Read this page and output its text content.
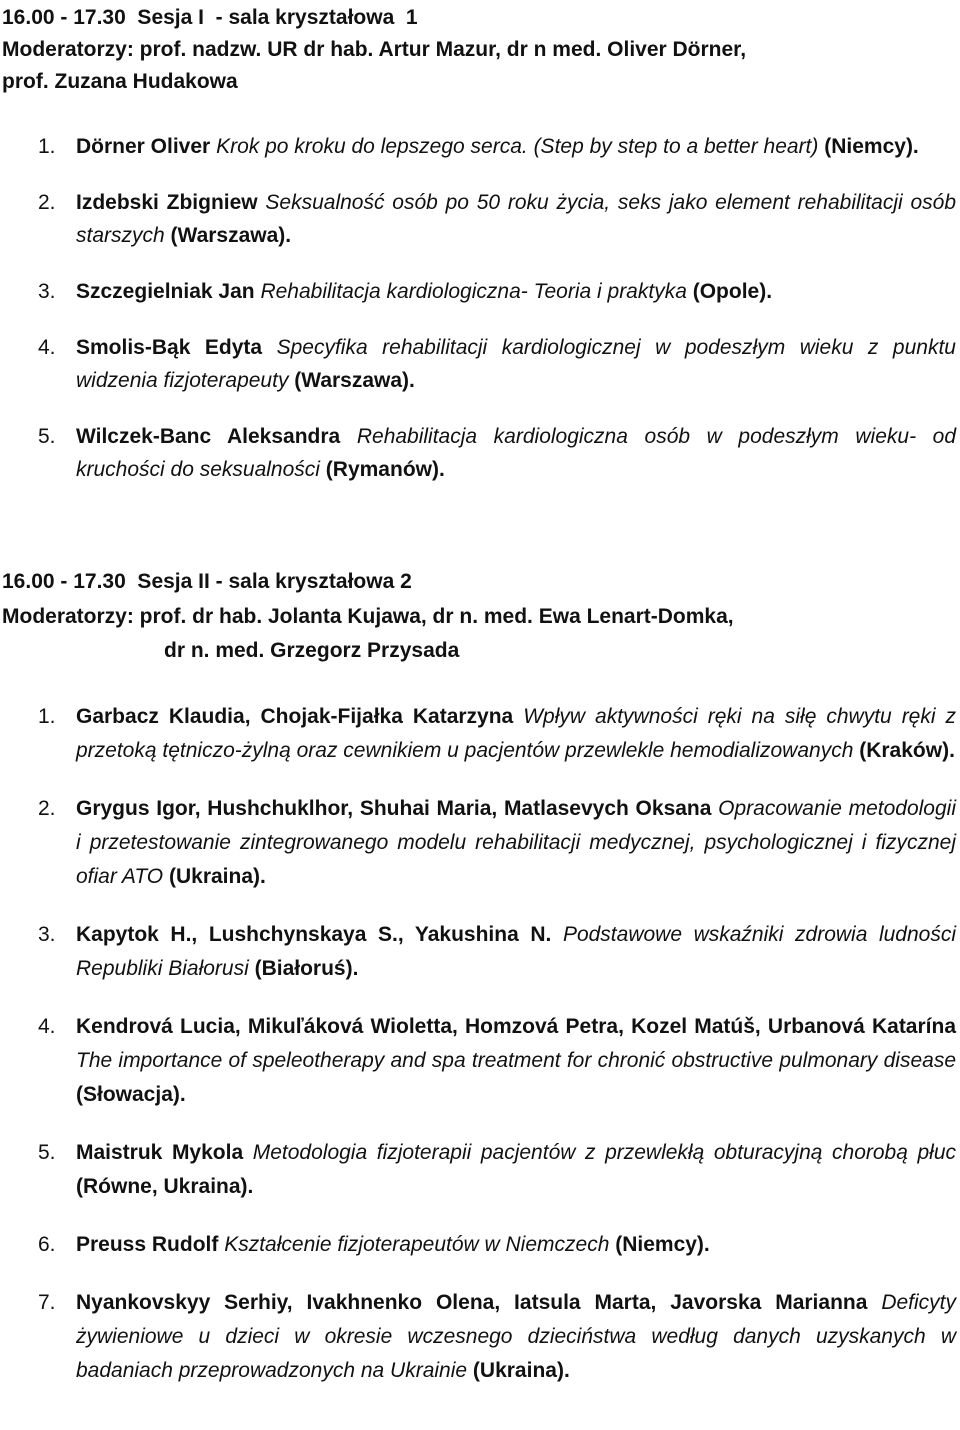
16.00 - 17.30  Sesja I  - sala kryształowa  1
Moderatorzy: prof. nadzw. UR dr hab. Artur Mazur, dr n med. Oliver Dörner,
prof. Zuzana Hudakowa
1. Dörner Oliver Krok po kroku do lepszego serca. (Step by step to a better heart) (Niemcy).
2. Izdebski Zbigniew Seksualność osób po 50 roku życia, seks jako element rehabilitacji osób starszych (Warszawa).
3. Szczegielniak Jan Rehabilitacja kardiologiczna- Teoria i praktyka (Opole).
4. Smolis-Bąk Edyta Specyfika rehabilitacji kardiologicznej w podeszłym wieku z punktu widzenia fizjoterapeuty (Warszawa).
5. Wilczek-Banc Aleksandra Rehabilitacja kardiologiczna osób w podeszłym wieku- od kruchości do seksualności (Rymanów).
16.00 - 17.30  Sesja II - sala kryształowa 2
Moderatorzy: prof. dr hab. Jolanta Kujawa, dr n. med. Ewa Lenart-Domka,

dr n. med. Grzegorz Przysada
1. Garbacz Klaudia, Chojak-Fijałka Katarzyna Wpływ aktywności ręki na siłę chwytu ręki z przetoką tętniczo-żylną oraz cewnikiem u pacjentów przewlekle hemodializowanych (Kraków).
2. Grygus Igor, Hushchuklhor, Shuhai Maria, Matlasevych Oksana Opracowanie metodologii i przetestowanie zintegrowanego modelu rehabilitacji medycznej, psychologicznej i fizycznej ofiar ATO (Ukraina).
3. Kapytok H., Lushchynskaya S., Yakushina N. Podstawowe wskaźniki zdrowia ludności Republiki Białorusi (Białoruś).
4. Kendrová Lucia, Mikuľáková Wioletta, Homzová Petra, Kozel Matúš, Urbanová Katarína The importance of speleotherapy and spa treatment for chronić obstructive pulmonary disease (Słowacja).
5. Maistruk Mykola Metodologia fizjoterapii pacjentów z przewlekłą obturacyjną chorobą płuc (Równe, Ukraina).
6. Preuss Rudolf Kształcenie fizjoterapeutów w Niemczech (Niemcy).
7. Nyankovskyy Serhiy, Ivakhnenko Olena, Iatsula Marta, Javorska Marianna Deficyty żywieniowe u dzieci w okresie wczesnego dzieciństwa według danych uzyskanych w badaniach przeprowadzonych na Ukrainie (Ukraina).
